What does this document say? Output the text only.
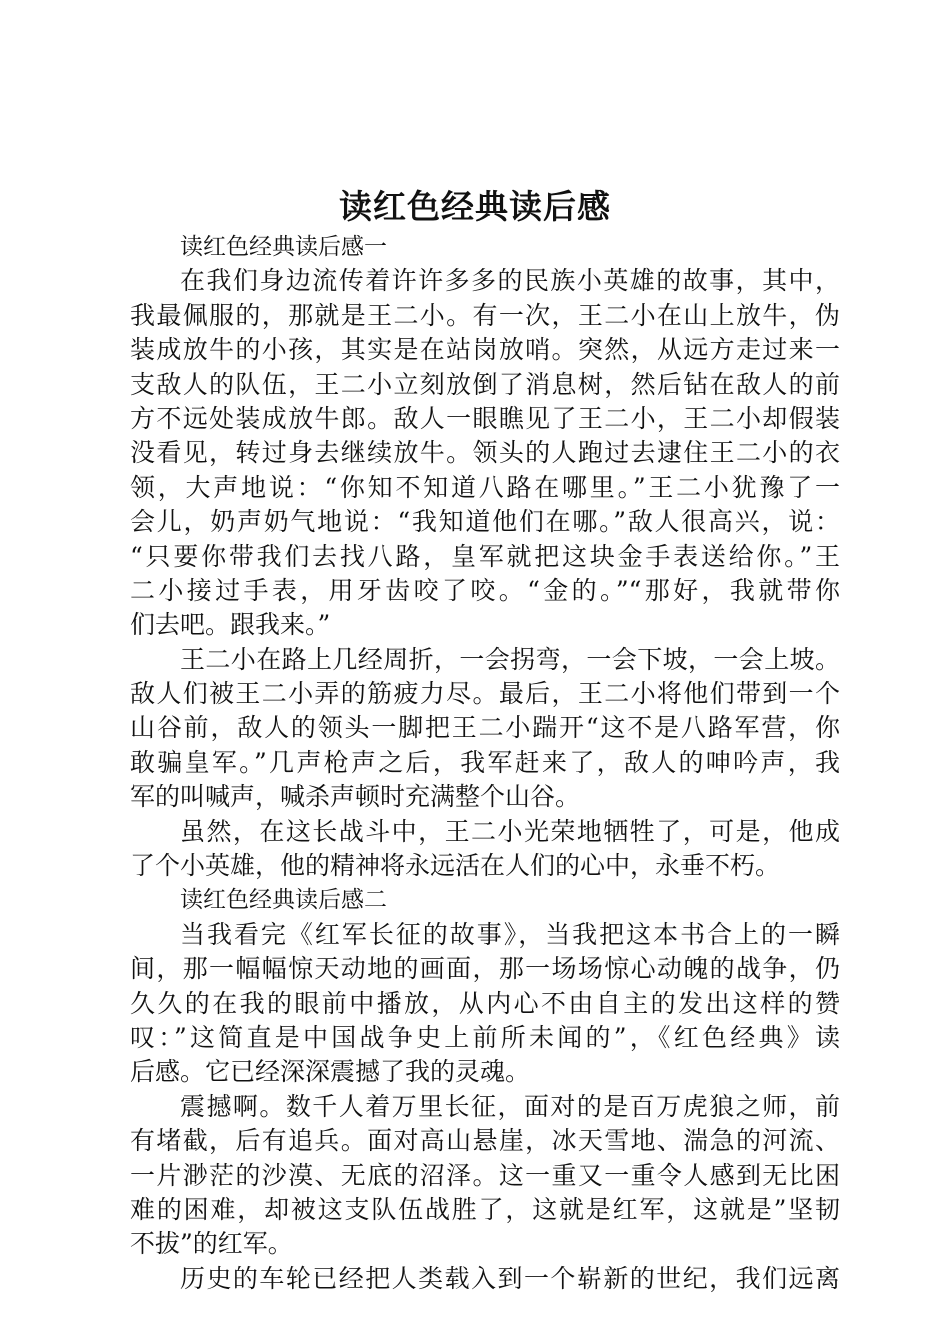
读红色经典读后感
读红色经典读后感一
在我们身边流传着许许多多的民族小英雄的故事，其中，
我最佩服的，那就是王二小。有一次，王二小在山上放牛，伪
装成放牛的小孩，其实是在站岗放哨。突然，从远方走过来一
支敌人的队伍，王二小立刻放倒了消息树，然后钻在敌人的前
方不远处装成放牛郎。敌人一眼瞧见了王二小，王二小却假装
没看见，转过身去继续放牛。领头的人跑过去逮住王二小的衣
领，大声地说：“你知不知道八路在哪里。”王二小犹豫了一
会儿，奶声奶气地说：“我知道他们在哪。”敌人很高兴，说：
“只要你带我们去找八路，皇军就把这块金手表送给你。”王
二小接过手表，用牙齿咬了咬。“金的。”“那好，我就带你
们去吧。跟我来。”
王二小在路上几经周折，一会拐弯，一会下坡，一会上坡。
敌人们被王二小弄的筋疲力尽。最后，王二小将他们带到一个
山谷前，敌人的领头一脚把王二小踹开“这不是八路军营，你
敢骗皇军。”几声枪声之后，我军赶来了，敌人的呻吟声，我
军的叫喊声，喊杀声顿时充满整个山谷。
虽然，在这长战斗中，王二小光荣地牺牲了，可是，他成
了个小英雄，他的精神将永远活在人们的心中，永垂不朽。
读红色经典读后感二
当我看完《红军长征的故事》，当我把这本书合上的一瞬
间，那一幅幅惊天动地的画面，那一场场惊心动魄的战争，仍
久久的在我的眼前中播放，从内心不由自主的发出这样的赞
叹：”这简直是中国战争史上前所未闻的”，《红色经典》读
后感。它已经深深震撼了我的灵魂。
震撼啊。数千人着万里长征，面对的是百万虎狼之师，前
有堵截，后有追兵。面对高山悬崖，冰天雪地、湍急的河流、
一片渺茫的沙漠、无底的沼泽。这一重又一重令人感到无比困
难的困难，却被这支队伍战胜了，这就是红军，这就是”坚韧
不拔”的红军。
历史的车轮已经把人类载入到一个崭新的世纪，我们远离
